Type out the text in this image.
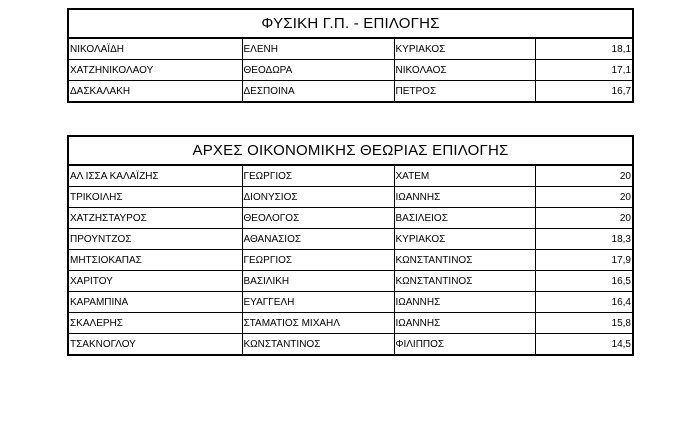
ΦΥΣΙΚΗ Γ.Π. - ΕΠΙΛΟΓΗΣ			
ΝΙΚΟΛΑΪΔΗ	ΕΛΕΝΗ	ΚΥΡΙΑΚΟΣ	18,1
ΧΑΤΖΗΝΙΚΟΛΑΟΥ	ΘΕΟΔΩΡΑ	ΝΙΚΟΛΑΟΣ	17,1
ΔΑΣΚΑΛΑΚΗ	ΔΕΣΠΟΙΝΑ	ΠΕΤΡΟΣ	16,7
ΑΡΧΕΣ ΟΙΚΟΝΟΜΙΚΗΣ ΘΕΩΡΙΑΣ ΕΠΙΛΟΓΗΣ			
ΑΛ ΙΣΣΑ ΚΑΛΑΪΖΗΣ	ΓΕΩΡΓΙΟΣ	ΧΑΤΕΜ	20
ΤΡΙΚΟΙΛΗΣ	ΔΙΟΝΥΣΙΟΣ	ΙΩΑΝΝΗΣ	20
ΧΑΤΖΗΣΤΑΥΡΟΣ	ΘΕΟΛΟΓΟΣ	ΒΑΣΙΛΕΙΟΣ	20
ΠΡΟΥΝΤΖΟΣ	ΑΘΑΝΑΣΙΟΣ	ΚΥΡΙΑΚΟΣ	18,3
ΜΗΤΣΙΟΚΑΠΑΣ	ΓΕΩΡΓΙΟΣ	ΚΩΝΣΤΑΝΤΙΝΟΣ	17,9
ΧΑΡΙΤΟΥ	ΒΑΣΙΛΙΚΗ	ΚΩΝΣΤΑΝΤΙΝΟΣ	16,5
ΚΑΡΑΜΠΙΝΑ	ΕΥΑΓΓΕΛΗ	ΙΩΑΝΝΗΣ	16,4
ΣΚΑΛΕΡΗΣ	ΣΤΑΜΑΤΙΟΣ ΜΙΧΑΗΛ	ΙΩΑΝΝΗΣ	15,8
ΤΣΑΚΝΟΓΛΟΥ	ΚΩΝΣΤΑΝΤΙΝΟΣ	ΦΙΛΙΠΠΟΣ	14,5
